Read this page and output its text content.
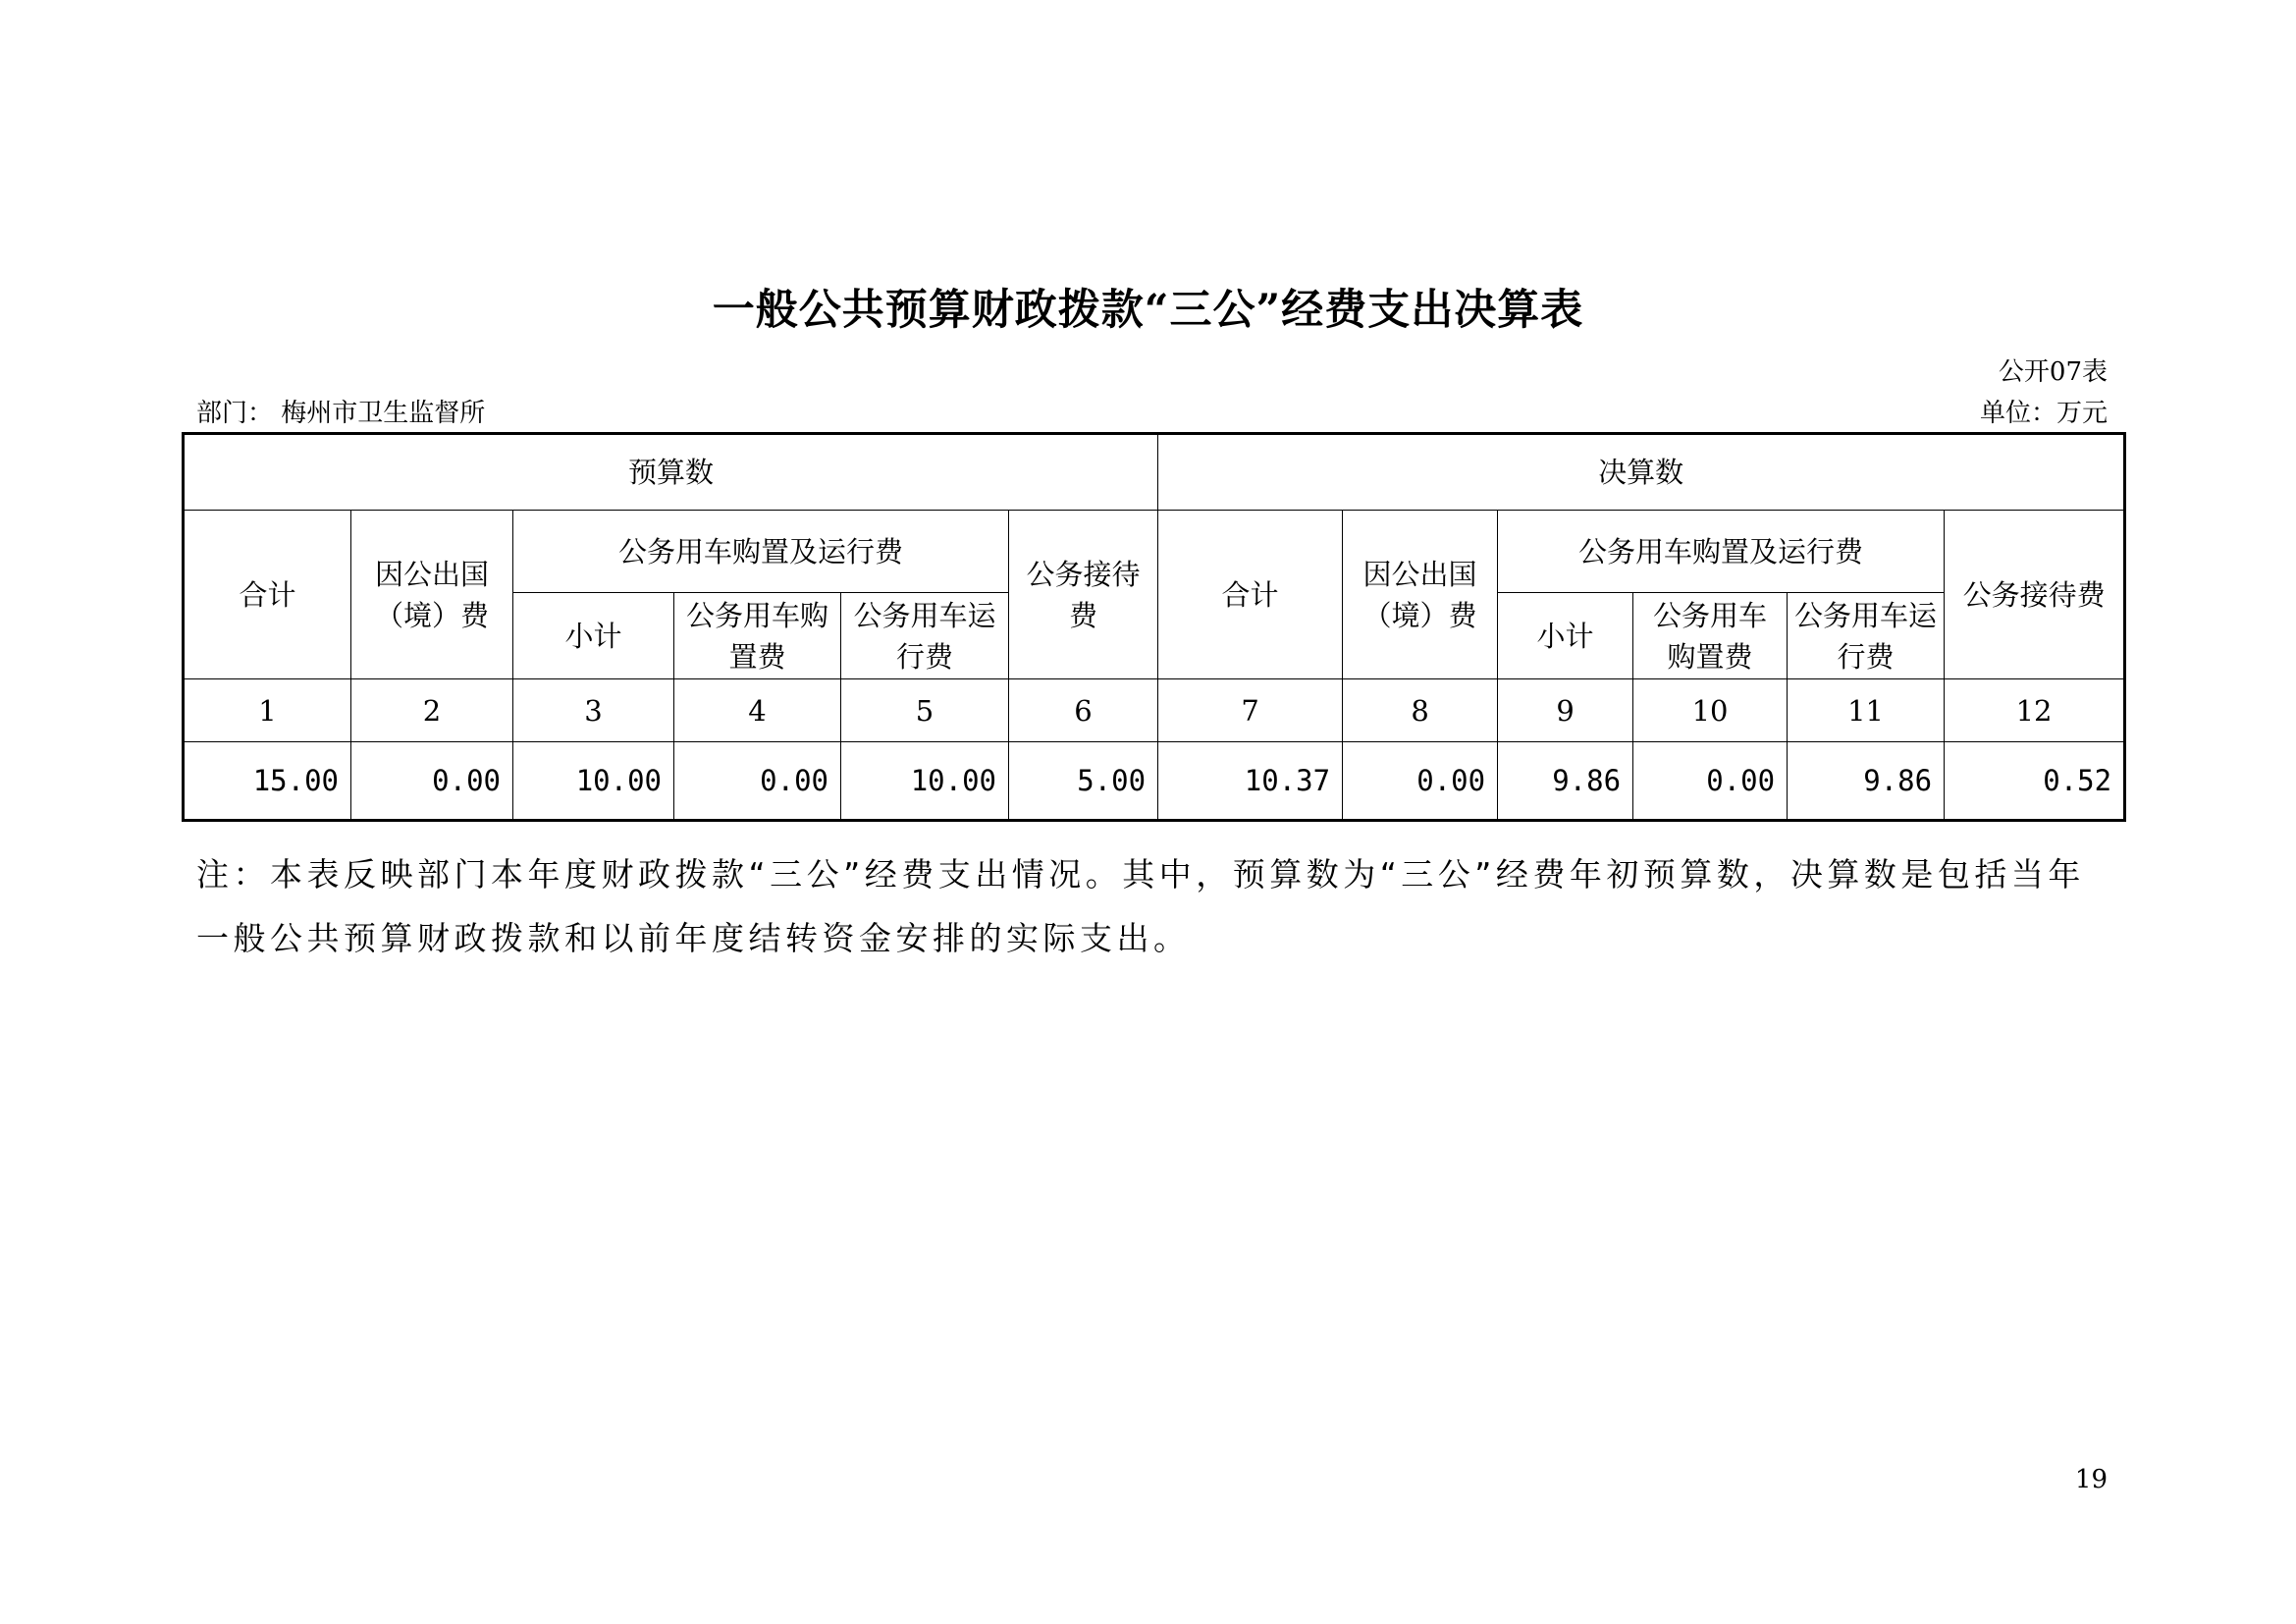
一般公共预算财政拨款“三公”经费支出决算表
公开07表
部门： 梅州市卫生监督所	单位：万元
预算数						决算数					
合计	因公出国（境）费	公务用车购置及运行费			公务接待费	合计	因公出国（境）费	公务用车购置及运行费			公务接待费
		小计	公务用车购置费	公务用车运行费				小计	公务用车购置费	公务用车运行费	
1	2	3	4	5	6	7	8	9	10	11	12
15.00	0.00	10.00	0.00	10.00	5.00	10.37	0.00	9.86	0.00	9.86	0.52
注：本表反映部门本年度财政拨款“三公”经费支出情况。其中，预算数为“三公”经费年初预算数，决算数是包括当年一般公共预算财政拨款和以前年度结转资金安排的实际支出。
19
